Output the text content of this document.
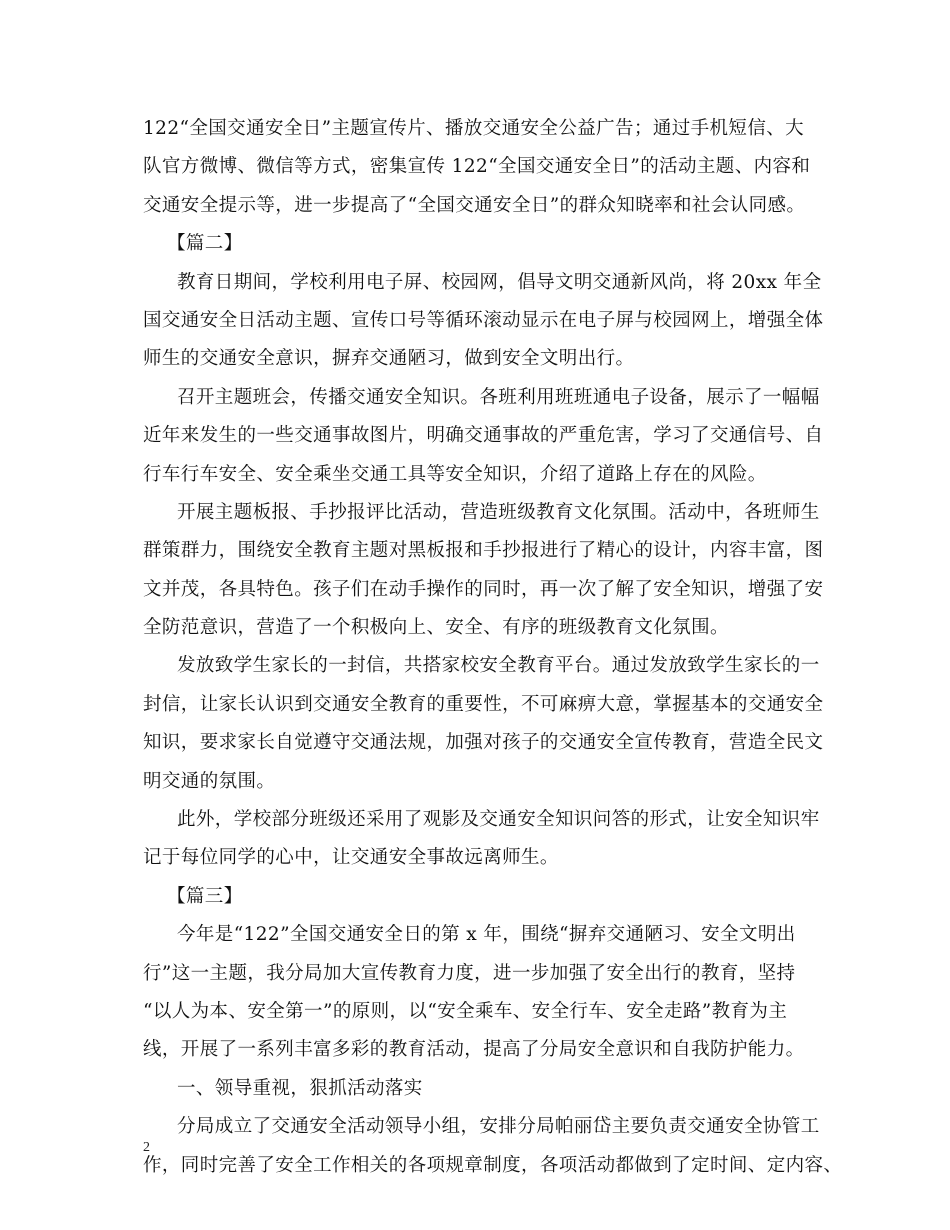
122“全国交通安全日”主题宣传片、播放交通安全公益广告；通过手机短信、大
队官方微博、微信等方式，密集宣传 122“全国交通安全日”的活动主题、内容和
交通安全提示等，进一步提高了“全国交通安全日”的群众知晓率和社会认同感。
【篇二】
教育日期间，学校利用电子屏、校园网，倡导文明交通新风尚，将 20xx 年全
国交通安全日活动主题、宣传口号等循环滚动显示在电子屏与校园网上，增强全体
师生的交通安全意识，摒弃交通陋习，做到安全文明出行。
召开主题班会，传播交通安全知识。各班利用班班通电子设备，展示了一幅幅
近年来发生的一些交通事故图片，明确交通事故的严重危害，学习了交通信号、自
行车行车安全、安全乘坐交通工具等安全知识，介绍了道路上存在的风险。
开展主题板报、手抄报评比活动，营造班级教育文化氛围。活动中，各班师生
群策群力，围绕安全教育主题对黑板报和手抄报进行了精心的设计，内容丰富，图
文并茂，各具特色。孩子们在动手操作的同时，再一次了解了安全知识，增强了安
全防范意识，营造了一个积极向上、安全、有序的班级教育文化氛围。
发放致学生家长的一封信，共搭家校安全教育平台。通过发放致学生家长的一
封信，让家长认识到交通安全教育的重要性，不可麻痹大意，掌握基本的交通安全
知识，要求家长自觉遵守交通法规，加强对孩子的交通安全宣传教育，营造全民文
明交通的氛围。
此外，学校部分班级还采用了观影及交通安全知识问答的形式，让安全知识牢
记于每位同学的心中，让交通安全事故远离师生。
【篇三】
今年是“122”全国交通安全日的第 x 年，围绕“摒弃交通陋习、安全文明出
行”这一主题，我分局加大宣传教育力度，进一步加强了安全出行的教育，坚持
“以人为本、安全第一”的原则，以“安全乘车、安全行车、安全走路”教育为主
线，开展了一系列丰富多彩的教育活动，提高了分局安全意识和自我防护能力。
一、领导重视，狠抓活动落实
分局成立了交通安全活动领导小组，安排分局帕丽岱主要负责交通安全协管工
作，同时完善了安全工作相关的各项规章制度，各项活动都做到了定时间、定内容、
2
